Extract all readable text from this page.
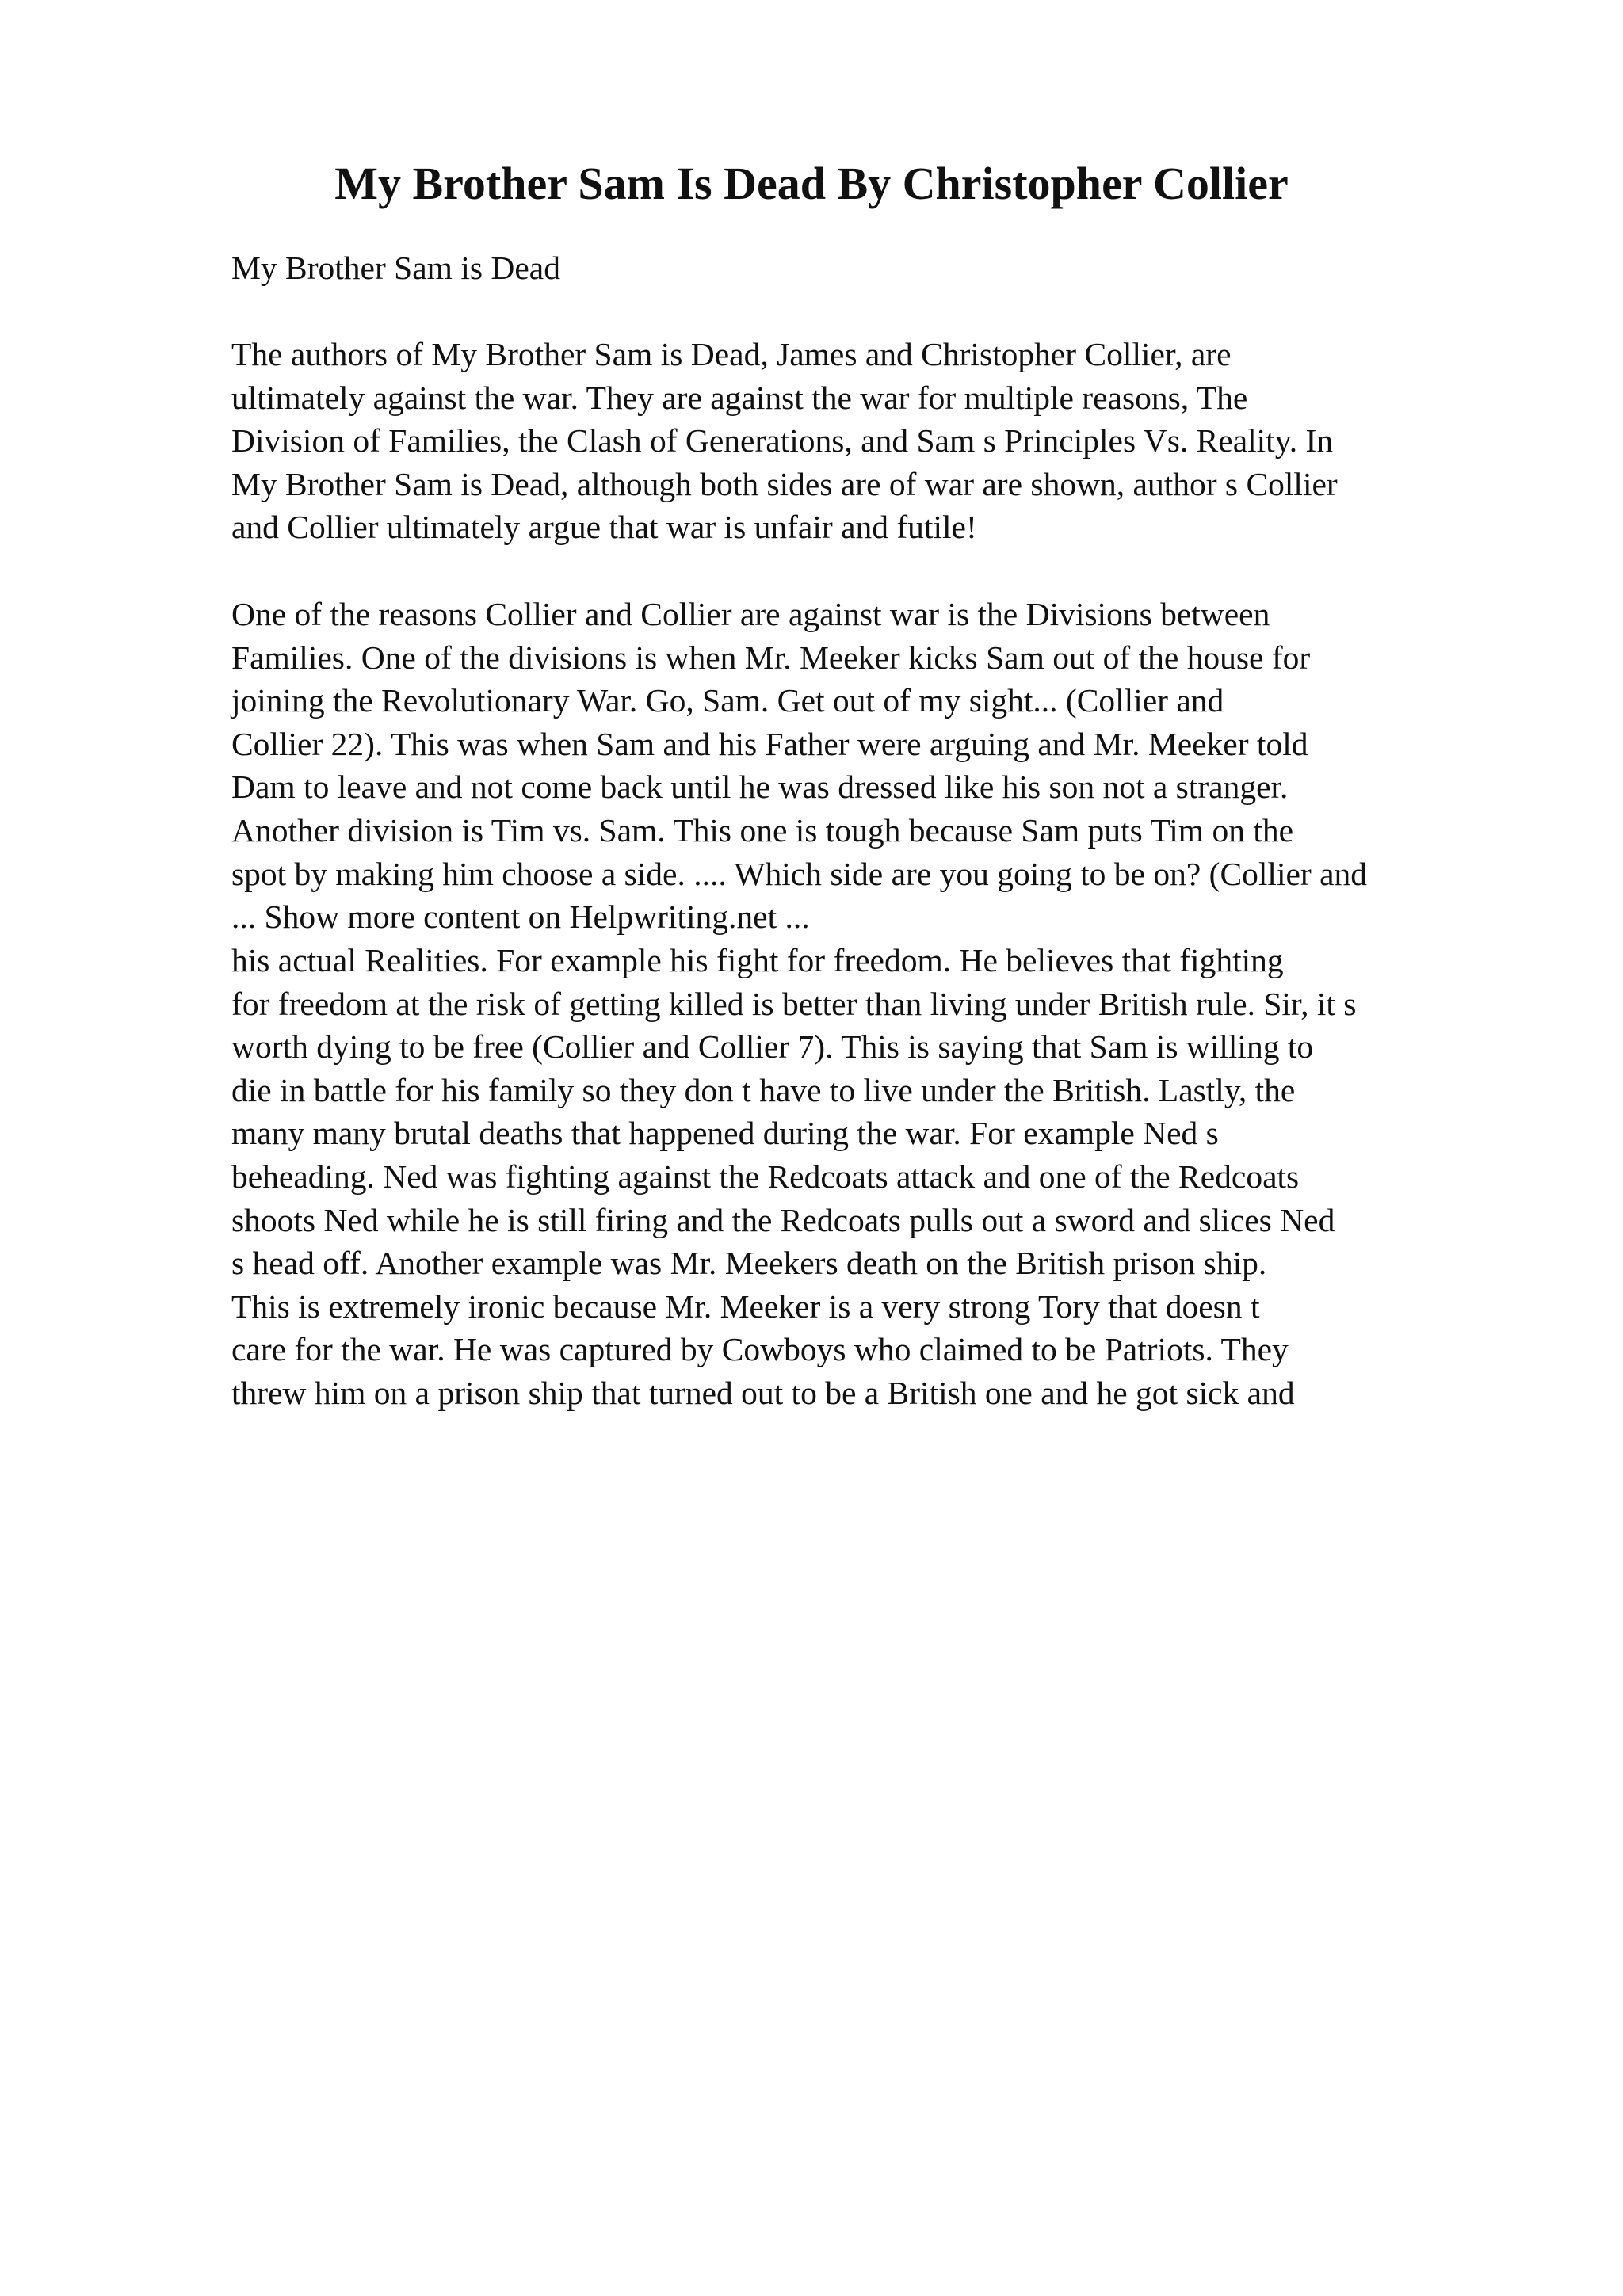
My Brother Sam Is Dead By Christopher Collier

My Brother Sam is Dead

The authors of My Brother Sam is Dead, James and Christopher Collier, are
ultimately against the war. They are against the war for multiple reasons, The
Division of Families, the Clash of Generations, and Sam s Principles Vs. Reality. In
My Brother Sam is Dead, although both sides are of war are shown, author s Collier
and Collier ultimately argue that war is unfair and futile!
One of the reasons Collier and Collier are against war is the Divisions between
Families. One of the divisions is when Mr. Meeker kicks Sam out of the house for
joining the Revolutionary War. Go, Sam. Get out of my sight... (Collier and
Collier 22). This was when Sam and his Father were arguing and Mr. Meeker told
Dam to leave and not come back until he was dressed like his son not a stranger.
Another division is Tim vs. Sam. This one is tough because Sam puts Tim on the
spot by making him choose a side. .... Which side are you going to be on? (Collier and
... Show more content on Helpwriting.net ...
his actual Realities. For example his fight for freedom. He believes that fighting
for freedom at the risk of getting killed is better than living under British rule. Sir, it s
worth dying to be free (Collier and Collier 7). This is saying that Sam is willing to
die in battle for his family so they don t have to live under the British. Lastly, the
many many brutal deaths that happened during the war. For example Ned s
beheading. Ned was fighting against the Redcoats attack and one of the Redcoats
shoots Ned while he is still firing and the Redcoats pulls out a sword and slices Ned
s head off. Another example was Mr. Meekers death on the British prison ship.
This is extremely ironic because Mr. Meeker is a very strong Tory that doesn t
care for the war. He was captured by Cowboys who claimed to be Patriots. They
threw him on a prison ship that turned out to be a British one and he got sick and
